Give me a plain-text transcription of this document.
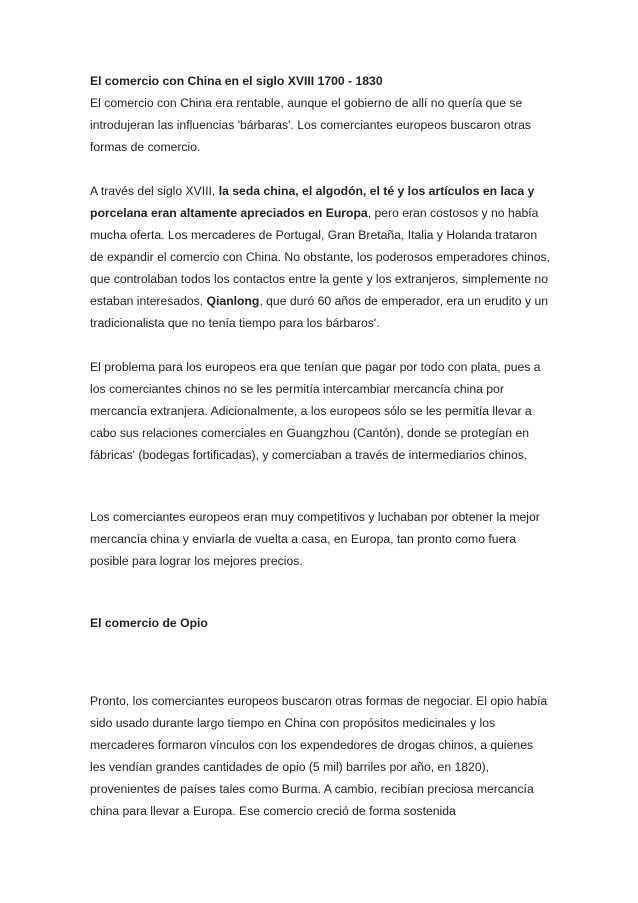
El comercio con China en el siglo XVIII 1700 - 1830

El comercio con China era rentable, aunque el gobierno de allí no quería que se introdujeran las influencias 'bárbaras'. Los comerciantes europeos buscaron otras formas de comercio.

A través del siglo XVIII, la seda china, el algodón, el té y los artículos en laca y porcelana eran altamente apreciados en Europa, pero eran costosos y no había mucha oferta. Los mercaderes de Portugal, Gran Bretaña, Italia y Holanda trataron de expandir el comercio con China. No obstante, los poderosos emperadores chinos, que controlaban todos los contactos entre la gente y los extranjeros, simplemente no estaban interesados. Qianlong, que duró 60 años de emperador, era un erudito y un tradicionalista que no tenía tiempo para los bárbaros'.

El problema para los europeos era que tenían que pagar por todo con plata, pues a los comerciantes chinos no se les permitía intercambiar mercancía china por mercancía extranjera. Adicionalmente, a los europeos sólo se les permitía llevar a cabo sus relaciones comerciales en Guangzhou (Cantón), donde se protegían en fábricas' (bodegas fortificadas), y comerciaban a través de intermediarios chinos.

Los comerciantes europeos eran muy competitivos y luchaban por obtener la mejor mercancía china y enviarla de vuelta a casa, en Europa, tan pronto como fuera posible para lograr los mejores precios.

El comercio de Opio

Pronto, los comerciantes europeos buscaron otras formas de negociar. El opio había sido usado durante largo tiempo en China con propósitos medicinales y los mercaderes formaron vínculos con los expendedores de drogas chinos, a quienes les vendían grandes cantidades de opio (5 mil) barriles por año, en 1820), provenientes de países tales como Burma. A cambio, recibían preciosa mercancía china para llevar a Europa. Ese comercio creció de forma sostenida
